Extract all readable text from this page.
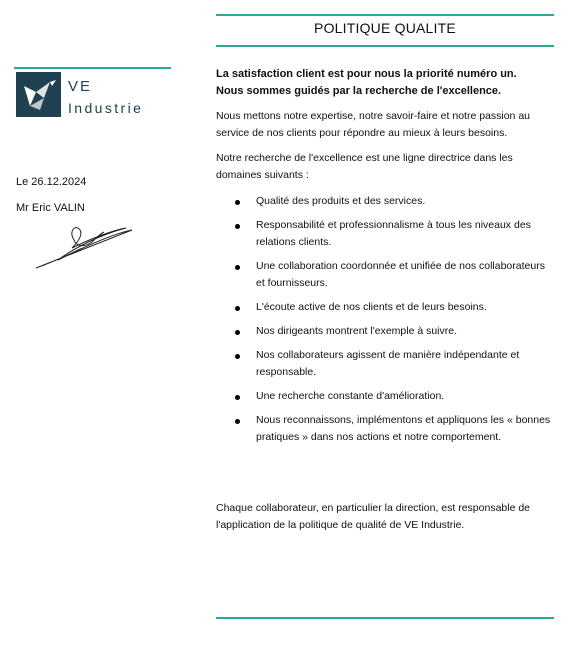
POLITIQUE QUALITE
VE
Industrie
Le 26.12.2024
Mr Eric VALIN
La satisfaction client est pour nous la priorité numéro un.
Nous sommes guidés par la recherche de l'excellence.

Nous mettons notre expertise, notre savoir-faire et notre passion au service de nos clients pour répondre au mieux à leurs besoins.

Notre recherche de l'excellence est une ligne directrice dans les domaines suivants :

Qualité des produits et des services.
Responsabilité et professionnalisme à tous les niveaux des relations clients.
Une collaboration coordonnée et unifiée de nos collaborateurs et fournisseurs.
L'écoute active de nos clients et de leurs besoins.
Nos dirigeants montrent l'exemple à suivre.
Nos collaborateurs agissent de manière indépendante et responsable.
Une recherche constante d'amélioration.
Nous reconnaissons, implémentons et appliquons les « bonnes pratiques » dans nos actions et notre comportement.
Chaque collaborateur, en particulier la direction, est responsable de l'application de la politique de qualité de VE Industrie.
